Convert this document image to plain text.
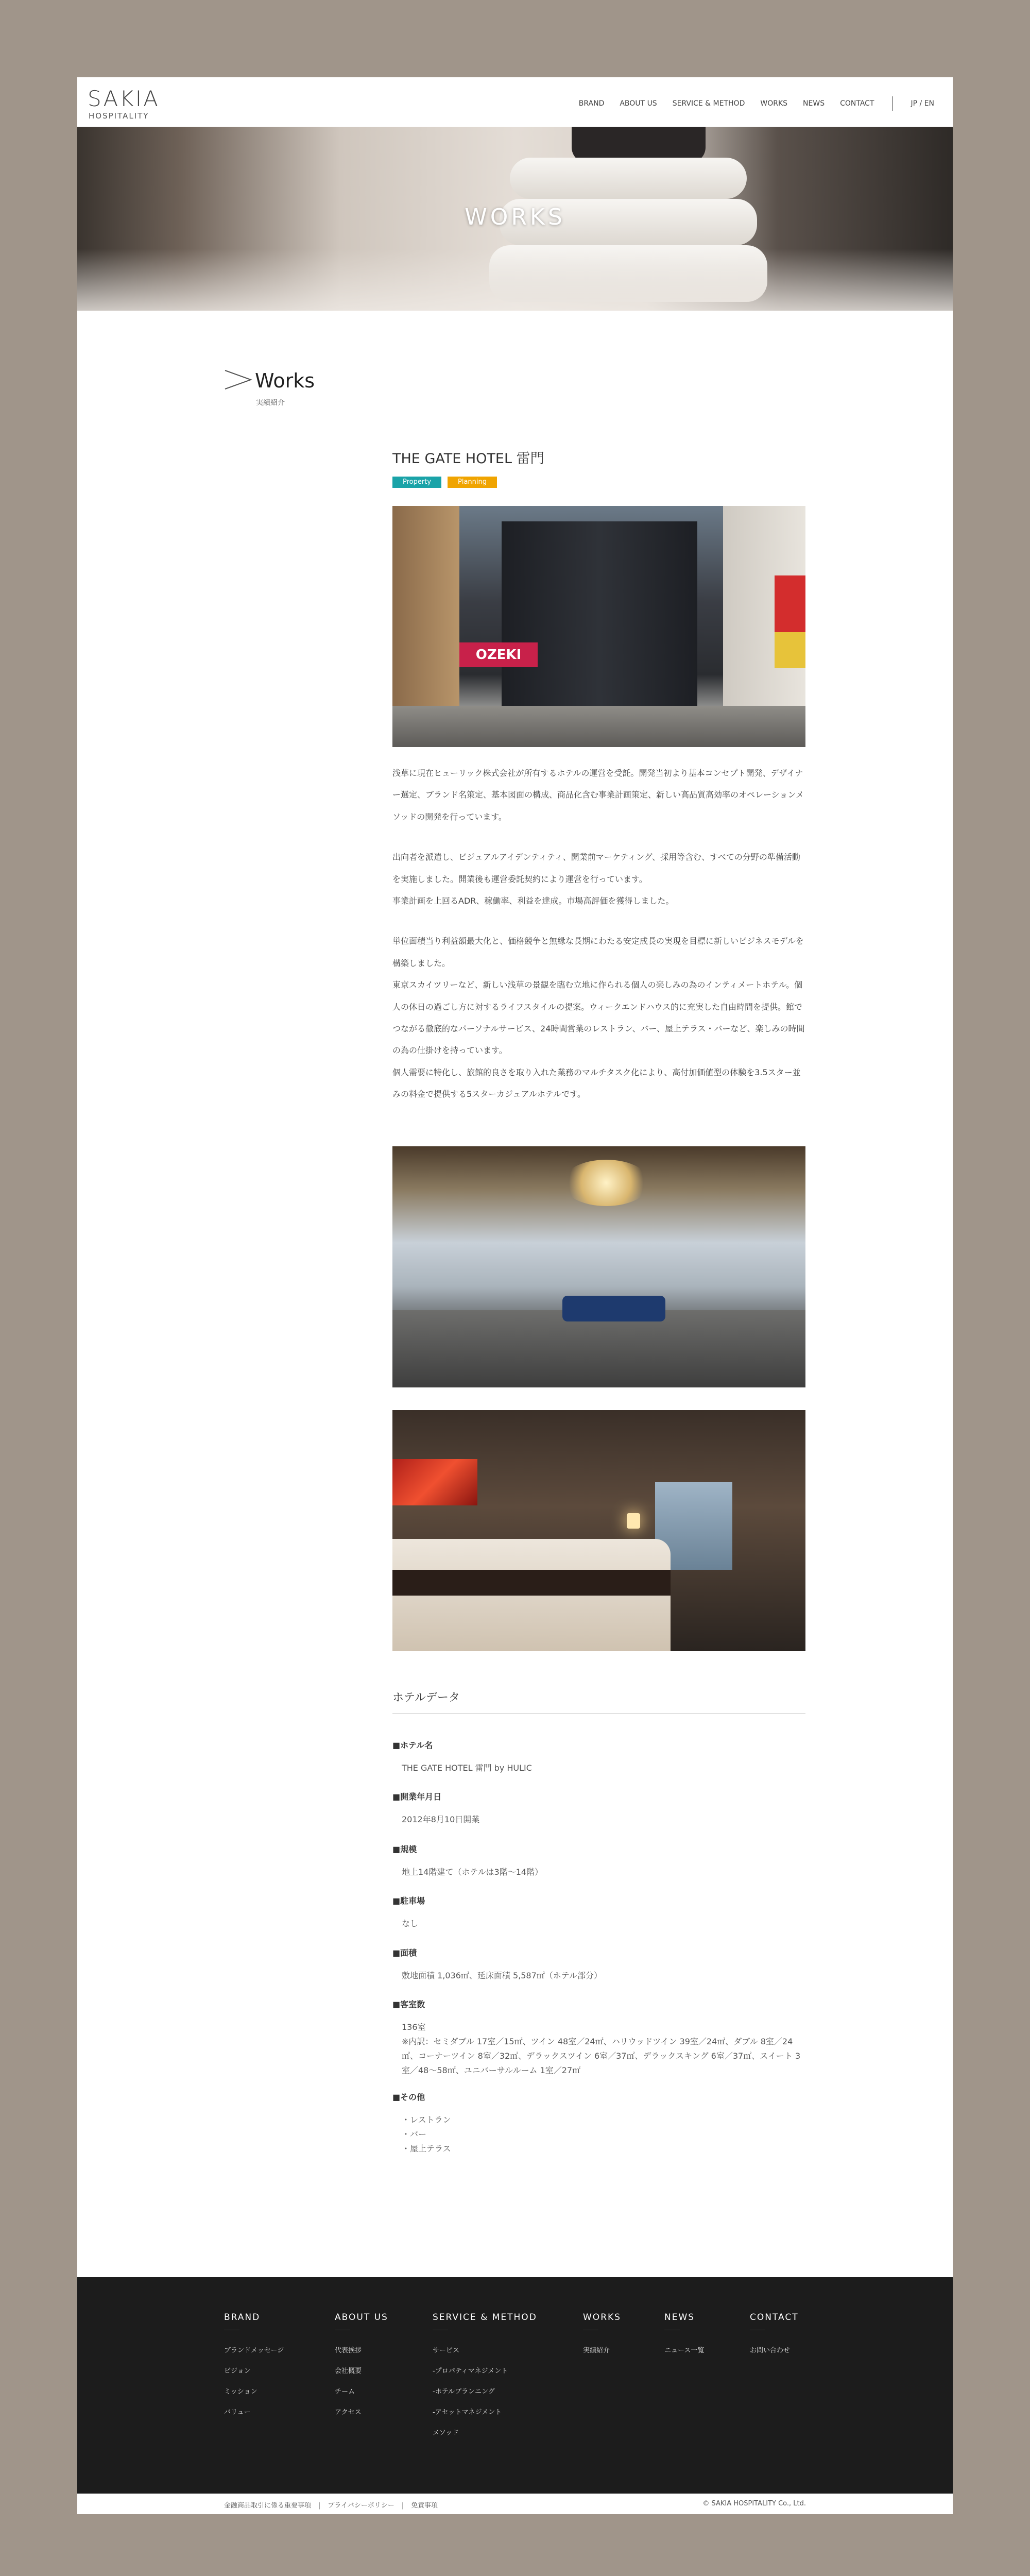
SAKIA
HOSPITALITY
BRAND ABOUT US SERVICE & METHOD WORKS NEWS CONTACT	JP / EN
WORKS
Works
実績紹介
THE GATE HOTEL 雷門
Property	Planning
OZEKI

浅草に現在ヒューリック株式会社が所有するホテルの運営を受託。開発当初より基本コンセプト開発、デザイナー選定、ブランド名策定、基本図面の構成、商品化含む事業計画策定、新しい高品質高効率のオペレーションメソッドの開発を行っています。

出向者を派遣し、ビジュアルアイデンティティ、開業前マーケティング、採用等含む、すべての分野の準備活動を実施しました。開業後も運営委託契約により運営を行っています。
事業計画を上回るADR、稼働率、利益を達成。市場高評価を獲得しました。

単位面積当り利益額最大化と、価格競争と無縁な長期にわたる安定成長の実現を目標に新しいビジネスモデルを構築しました。
東京スカイツリーなど、新しい浅草の景観を臨む立地に作られる個人の楽しみの為のインティメートホテル。個人の休日の過ごし方に対するライフスタイルの提案。ウィークエンドハウス的に充実した自由時間を提供。館でつながる徹底的なパーソナルサービス、24時間営業のレストラン、バー、屋上テラス・バーなど、楽しみの時間の為の仕掛けを持っています。
個人需要に特化し、旅館的良さを取り入れた業務のマルチタスク化により、高付加価値型の体験を3.5スター並みの料金で提供する5スターカジュアルホテルです。

ホテルデータ
■ホテル名
THE GATE HOTEL 雷門 by HULIC
■開業年月日
2012年8月10日開業
■規模
地上14階建て（ホテルは3階〜14階）
■駐車場
なし
■面積
敷地面積 1,036㎡、延床面積 5,587㎡（ホテル部分）
■客室数
136室
※内訳：セミダブル 17室／15㎡、ツイン 48室／24㎡、ハリウッドツイン 39室／24㎡、ダブル 8室／24㎡、コーナーツイン 8室／32㎡、デラックスツイン 6室／37㎡、デラックスキング 6室／37㎡、スイート 3室／48〜58㎡、ユニバーサルルーム 1室／27㎡
■その他
・レストラン
・バー
・屋上テラス
BRAND
ブランドメッセージ
ビジョン
ミッション
バリュー
ABOUT US
代表挨拶
会社概要
チーム
アクセス
SERVICE & METHOD
サービス
-プロパティマネジメント
-ホテルプランニング
-アセットマネジメント
メソッド
WORKS
実績紹介
NEWS
ニュース一覧
CONTACT
お問い合わせ
金融商品取引に係る重要事項 | プライバシーポリシー | 免責事項	© SAKIA HOSPITALITY Co., Ltd.
